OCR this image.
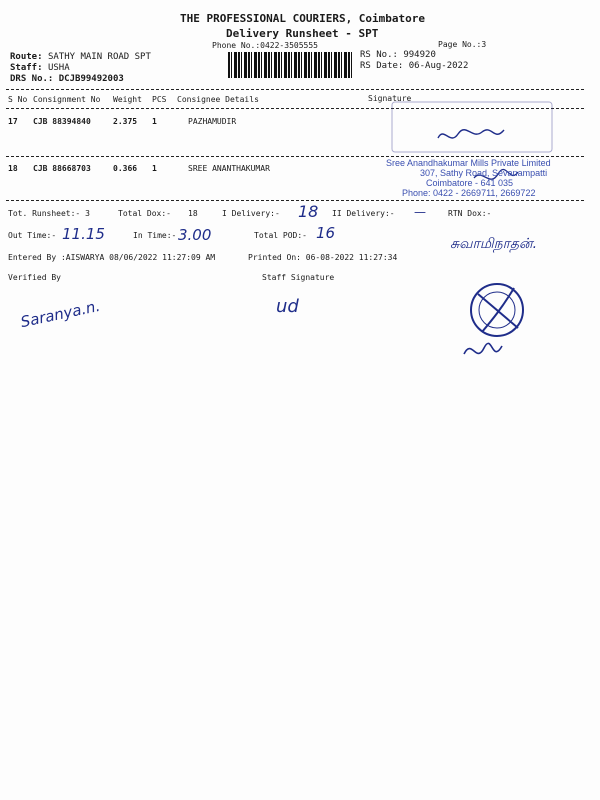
THE PROFESSIONAL COURIERS, Coimbatore
Delivery Runsheet - SPT
Phone No.:0422-3505555	Page No.:3
Route: SATHY MAIN ROAD SPT
Staff: USHA
DRS No.: DCJB99492003
RS No.: 994920
RS Date: 06-Aug-2022
S No Consignment No Weight PCS Consignee Details	Signature
17 CJB 88394840	2.375 1	PAZHAMUDIR
18 CJB 88668703	0.366 1	SREE ANANTHAKUMAR
Sree Anandhakumar Mills Private Limited
307, Sathy Road, Sevanampatti
Coimbatore - 641 035
Phone: 0422 - 2669711, 2669722
Tot. Runsheet:- 3	Total Dox:- 18	I Delivery:- 18 II Delivery:- —	RTN Dox:-
Out Time:- 11.15	In Time:- 3.00	Total POD:- 16
சுவாமிநாதன்.
Entered By :AISWARYA 08/06/2022 11:27:09 AM	Printed On: 06-08-2022 11:27:34
Verified By	Staff Signature
Saranya.n.	ud
